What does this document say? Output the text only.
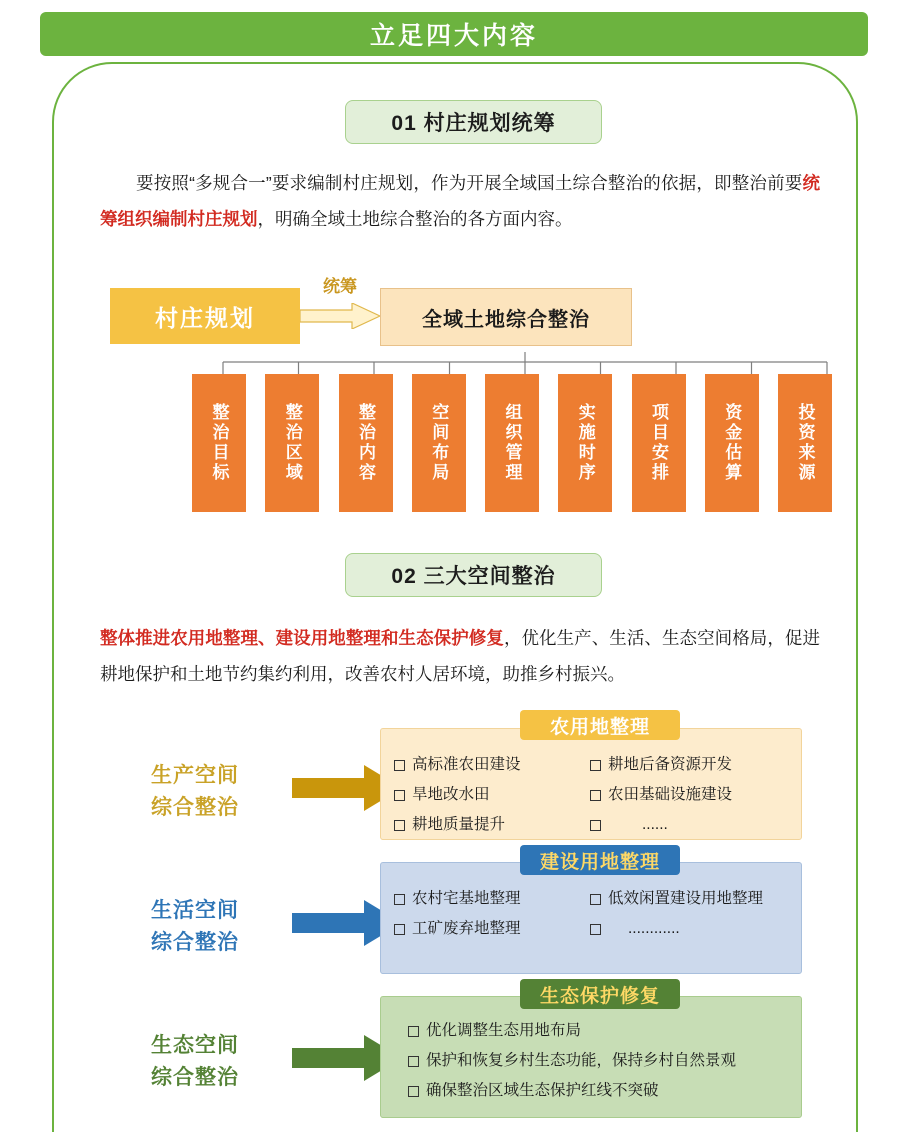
立足四大内容
01 村庄规划统筹
要按照“多规合一”要求编制村庄规划，作为开展全域国土综合整治的依据，即整治前要统筹组织编制村庄规划，明确全域土地综合整治的各方面内容。
村庄规划
统筹
全域土地综合整治
整治目标	整治区域	整治内容	空间布局	组织管理	实施时序	项目安排	资金估算	投资来源
02 三大空间整治
整体推进农用地整理、建设用地整理和生态保护修复，优化生产、生活、生态空间格局，促进耕地保护和土地节约集约利用，改善农村人居环境，助推乡村振兴。
生产空间
综合整治
农用地整理
高标准农田建设	耕地后备资源开发
旱地改水田	农田基础设施建设
耕地质量提升	......
生活空间
综合整治
建设用地整理
农村宅基地整理	低效闲置建设用地整理
工矿废弃地整理	............
生态空间
综合整治
生态保护修复
优化调整生态用地布局
保护和恢复乡村生态功能，保持乡村自然景观
确保整治区域生态保护红线不突破
